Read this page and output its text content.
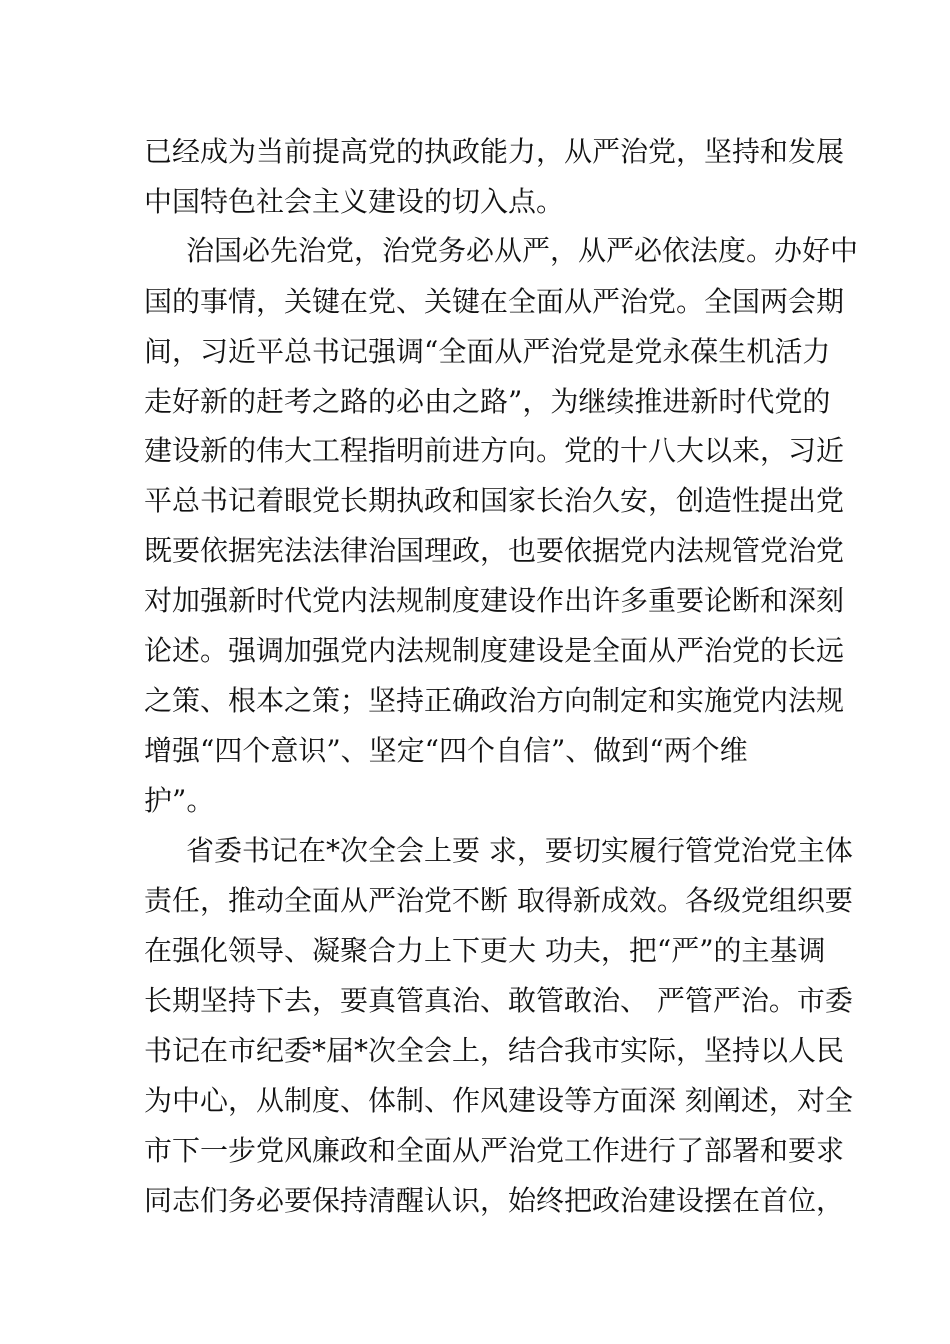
已经成为当前提高党的执政能力，从严治党，坚持和发展
中国特色社会主义建设的切入点。
治国必先治党，治党务必从严，从严必依法度。办好中
国的事情，关键在党、关键在全面从严治党。全国两会期
间，习近平总书记强调“全面从严治党是党永葆生机活力
走好新的赶考之路的必由之路”，为继续推进新时代党的
建设新的伟大工程指明前进方向。党的十八大以来，习近
平总书记着眼党长期执政和国家长治久安，创造性提出党
既要依据宪法法律治国理政，也要依据党内法规管党治党
对加强新时代党内法规制度建设作出许多重要论断和深刻
论述。强调加强党内法规制度建设是全面从严治党的长远
之策、根本之策；坚持正确政治方向制定和实施党内法规
增强“四个意识”、坚定“四个自信”、做到“两个维
护”。
省委书记在*次全会上要 求，要切实履行管党治党主体
责任，推动全面从严治党不断 取得新成效。各级党组织要
在强化领导、凝聚合力上下更大 功夫，把“严”的主基调
长期坚持下去，要真管真治、敢管敢治、 严管严治。市委
书记在市纪委*届*次全会上，结合我市实际，坚持以人民
为中心，从制度、体制、作风建设等方面深 刻阐述，对全
市下一步党风廉政和全面从严治党工作进行了部署和要求
同志们务必要保持清醒认识，始终把政治建设摆在首位，
